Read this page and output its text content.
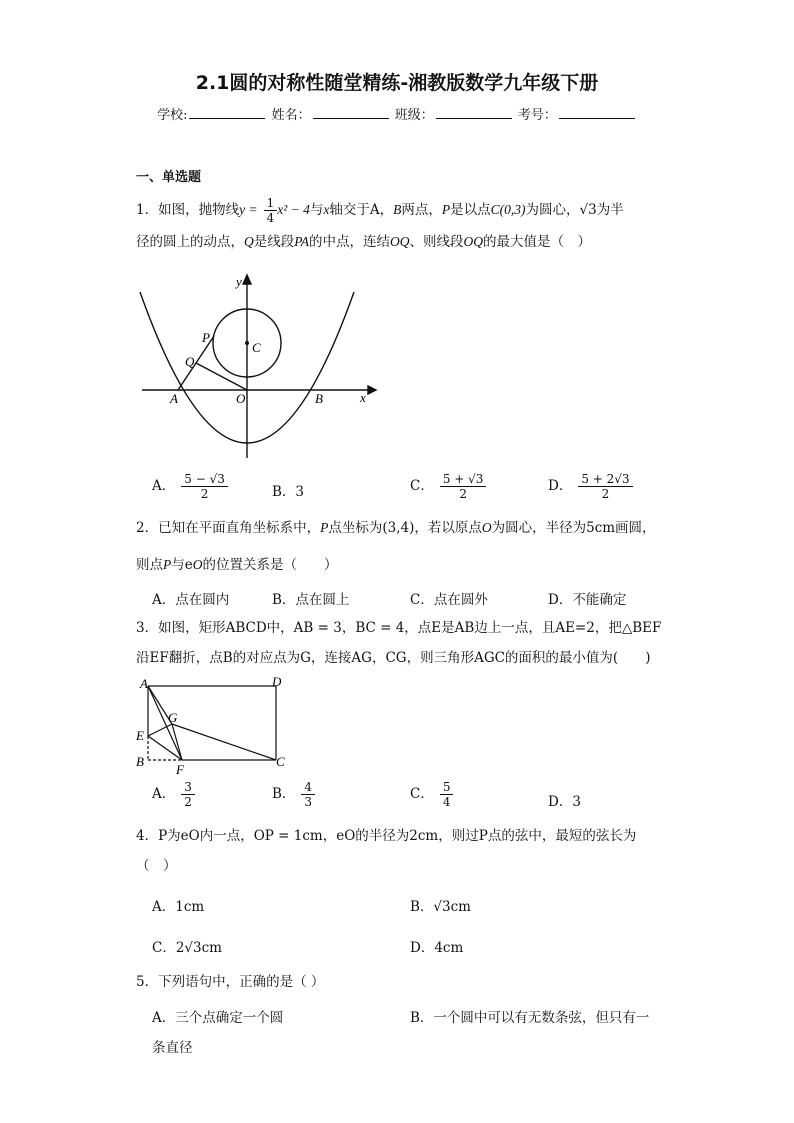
2.1圆的对称性随堂精练-湘教版数学九年级下册
学校:	姓名：	班级：	考号：
一、单选题
1．如图，抛物线$y = \frac{1}{4} x^2 - 4$与x轴交于A，B两点，P是以点C(0,3)为圆心，√3为半
径的圆上的动点，Q是线段PA的中点，连结OQ、则线段OQ的最大值是（　）
y
x
P
Q
C
A	O	B
A． $\frac{5 - √3}{2}$	B．3	C． $\frac{5 + √3}{2}$	D． $\frac{5 + 2√3}{2}$
2．已知在平面直角坐标系中，P点坐标为(3,4)，若以原点O为圆心，半径为5cm画圆，
则点P与eO的位置关系是（　　）
A．点在圆内	B．点在圆上	C．点在圆外	D．不能确定
3．如图，矩形ABCD中，AB = 3，BC = 4，点E是AB边上一点，且AE=2，把△BEF
沿EF翻折，点B的对应点为G，连接AG，CG，则三角形AGC的面积的最小值为(　　)
A	D
G
E
B
F
C
A． $\frac{3}{2}$	B． $\frac{4}{3}$	C． $\frac{5}{4}$	D．3
4．P为eO内一点，OP = 1cm，eO的半径为2cm，则过P点的弦中，最短的弦长为
（　）
A．1cm	B．√3cm
C．2√3cm	D．4cm
5．下列语句中，正确的是（ ）
A．三个点确定一个圆	B．一个圆中可以有无数条弦，但只有一
条直径
